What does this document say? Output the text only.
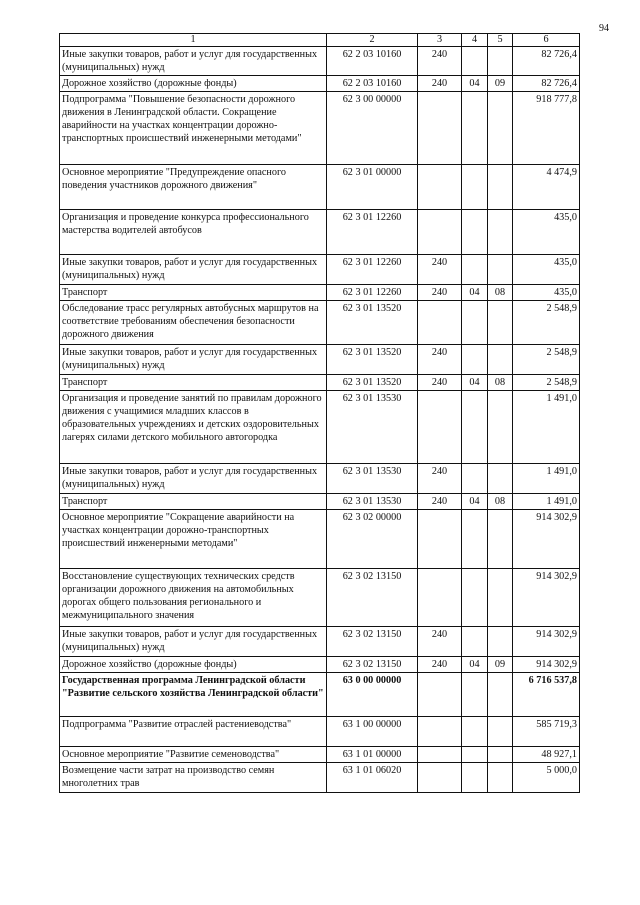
94
1	2	3	4	5	6
Иные закупки товаров, работ и услуг для государственных (муниципальных) нужд	62 2 03 10160	240			82 726,4
Дорожное хозяйство (дорожные фонды)	62 2 03 10160	240	04	09	82 726,4
Подпрограмма "Повышение безопасности дорожного движения в Ленинградской области. Сокращение аварийности на участках концентрации дорожно-транспортных происшествий инженерными методами"	62 3 00 00000				918 777,8
Основное мероприятие "Предупреждение опасного поведения участников дорожного движения"	62 3 01 00000				4 474,9
Организация и проведение конкурса профессионального мастерства водителей автобусов	62 3 01 12260				435,0
Иные закупки товаров, работ и услуг для государственных (муниципальных) нужд	62 3 01 12260	240			435,0
Транспорт	62 3 01 12260	240	04	08	435,0
Обследование трасс регулярных автобусных маршрутов на соответствие требованиям обеспечения безопасности дорожного движения	62 3 01 13520				2 548,9
Иные закупки товаров, работ и услуг для государственных (муниципальных) нужд	62 3 01 13520	240			2 548,9
Транспорт	62 3 01 13520	240	04	08	2 548,9
Организация и проведение занятий по правилам дорожного движения с учащимися младших классов в образовательных учреждениях и детских оздоровительных лагерях силами детского мобильного автогородка	62 3 01 13530				1 491,0
Иные закупки товаров, работ и услуг для государственных (муниципальных) нужд	62 3 01 13530	240			1 491,0
Транспорт	62 3 01 13530	240	04	08	1 491,0
Основное мероприятие "Сокращение аварийности на участках концентрации дорожно-транспортных происшествий инженерными методами"	62 3 02 00000				914 302,9
Восстановление существующих технических средств организации дорожного движения на автомобильных дорогах общего пользования регионального и межмуниципального значения	62 3 02 13150				914 302,9
Иные закупки товаров, работ и услуг для государственных (муниципальных) нужд	62 3 02 13150	240			914 302,9
Дорожное хозяйство (дорожные фонды)	62 3 02 13150	240	04	09	914 302,9
Государственная программа Ленинградской области "Развитие сельского хозяйства Ленинградской области"	63 0 00 00000				6 716 537,8
Подпрограмма "Развитие отраслей растениеводства"	63 1 00 00000				585 719,3
Основное мероприятие "Развитие семеноводства"	63 1 01 00000				48 927,1
Возмещение части затрат на производство семян многолетних трав	63 1 01 06020				5 000,0
